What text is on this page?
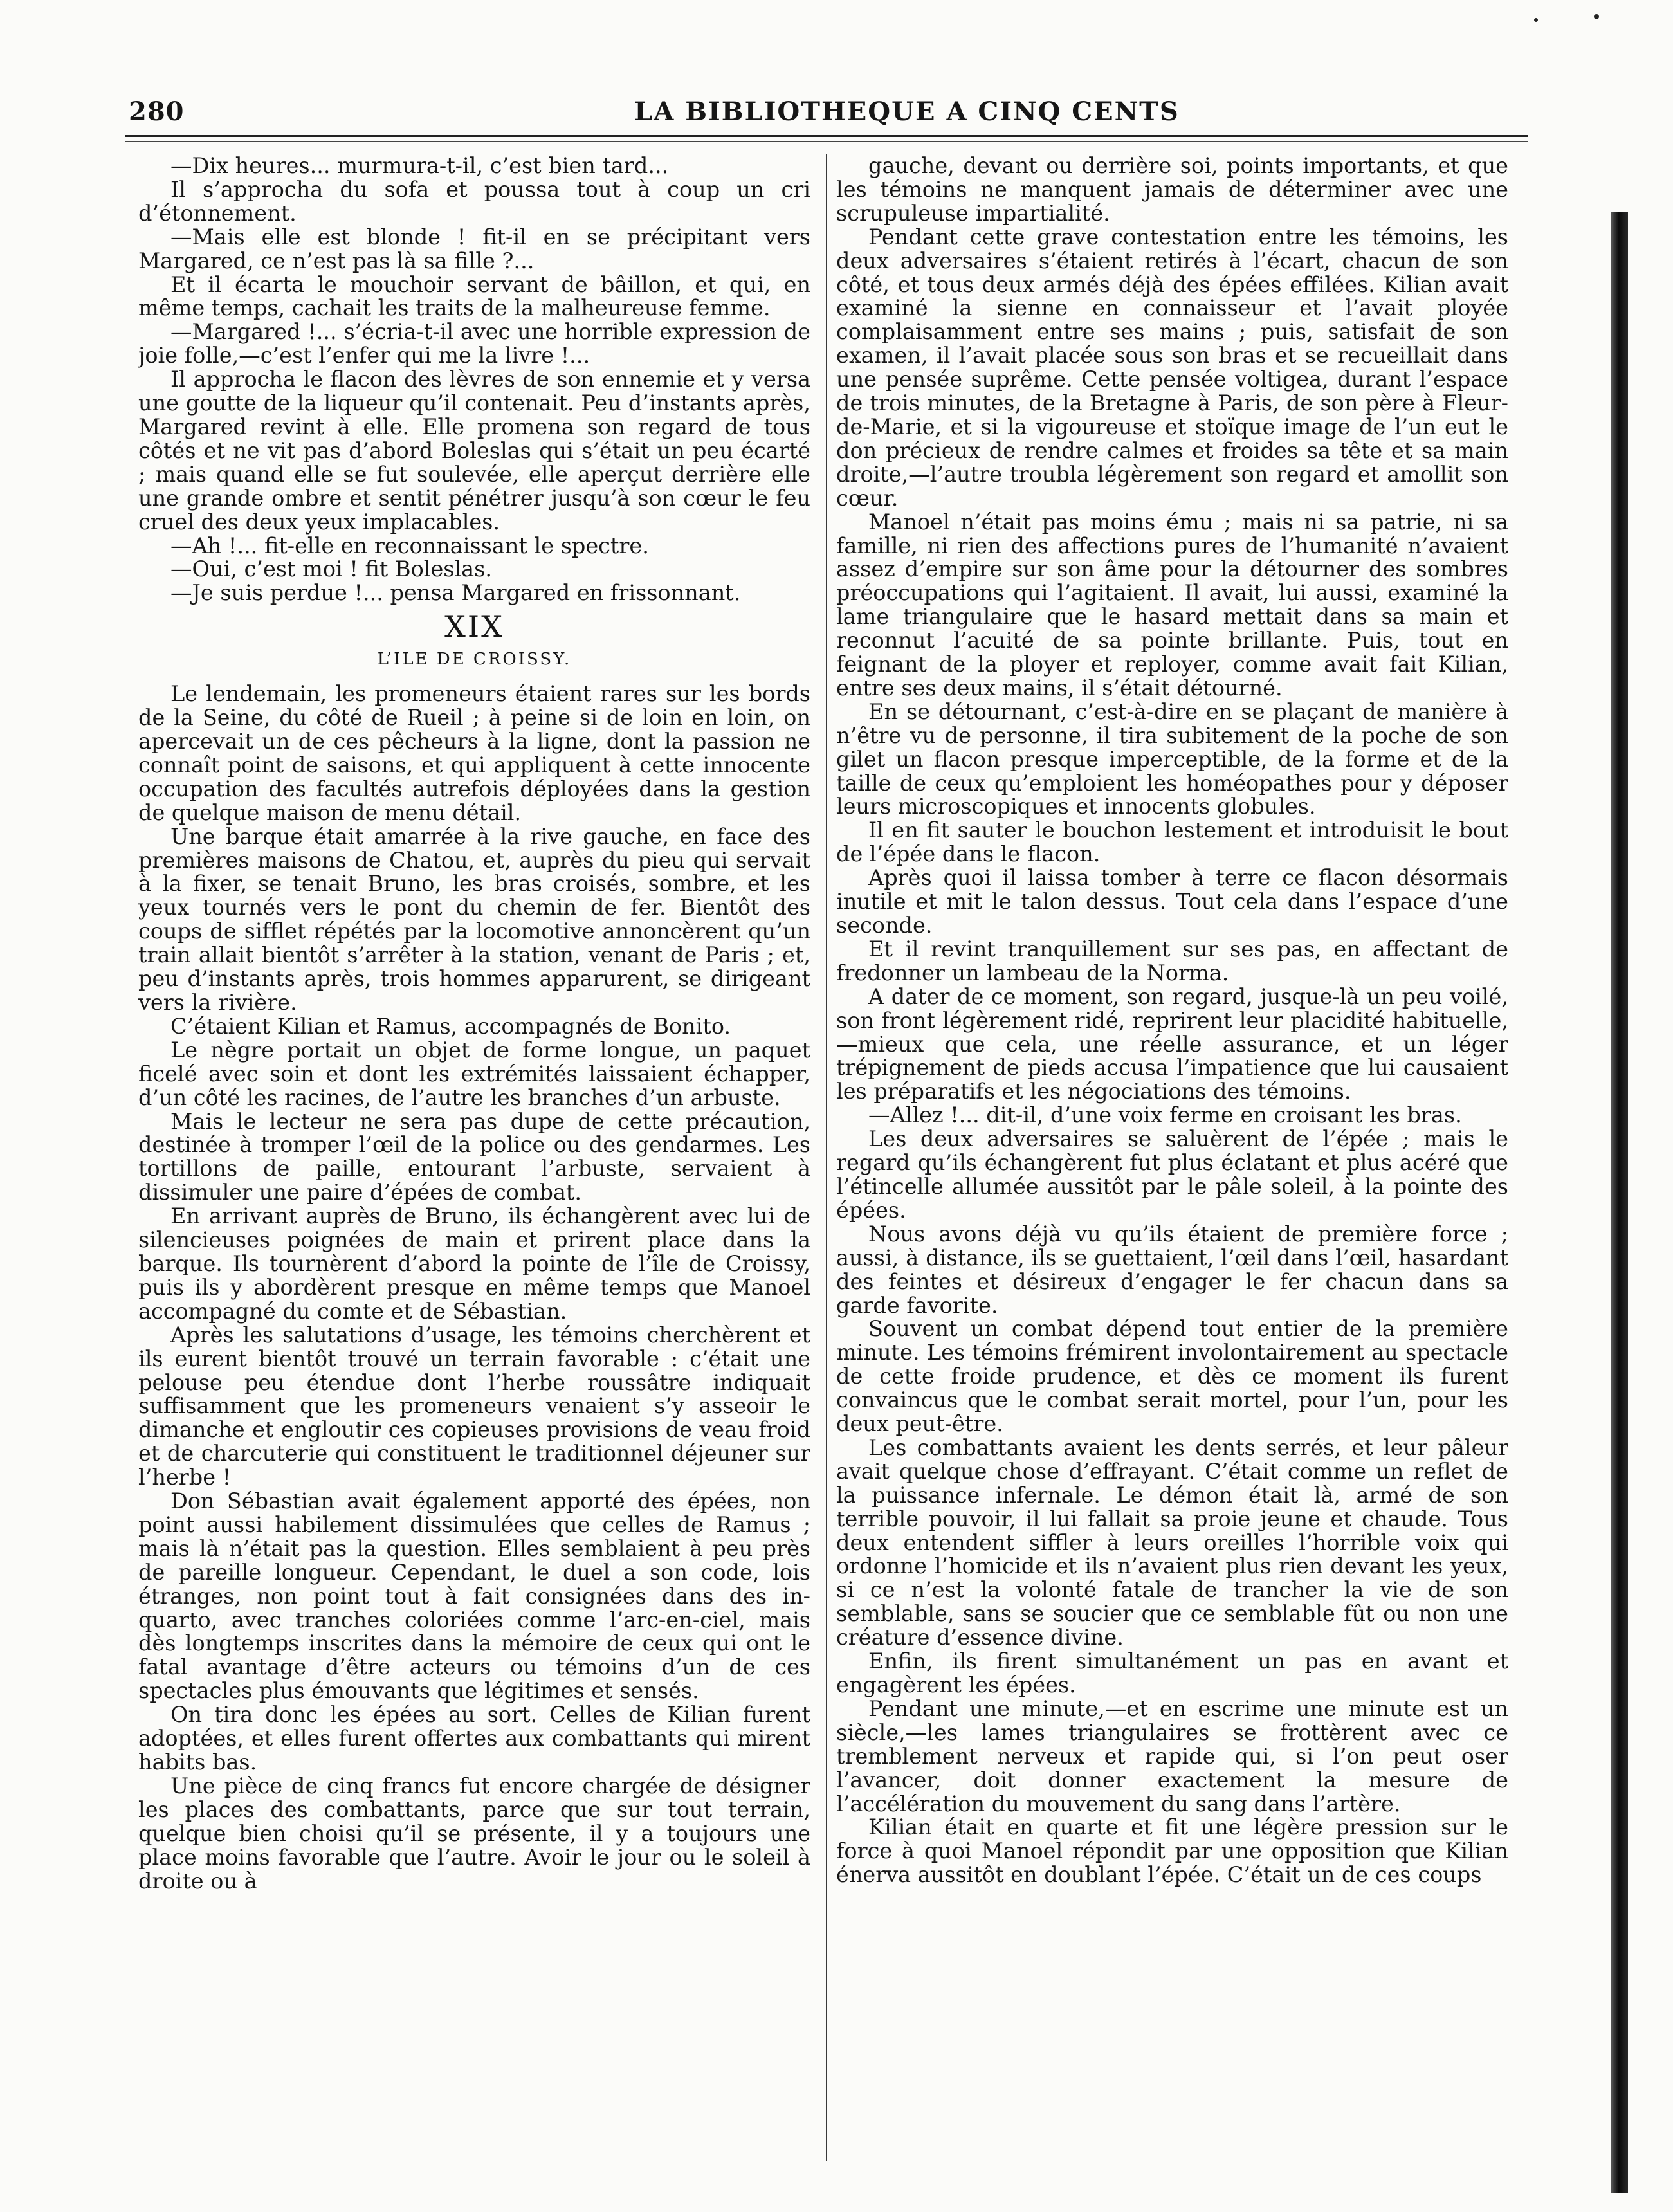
280	LA BIBLIOTHEQUE A CINQ CENTS

—Dix heures... murmura-t-il, c’est bien tard...

Il s’approcha du sofa et poussa tout à coup un cri d’étonnement.

—Mais elle est blonde ! fit-il en se précipitant vers Margared, ce n’est pas là sa fille ?...

Et il écarta le mouchoir servant de bâillon, et qui, en même temps, cachait les traits de la malheureuse femme.

—Margared !... s’écria-t-il avec une horrible expression de joie folle,—c’est l’enfer qui me la livre !...

Il approcha le flacon des lèvres de son ennemie et y versa une goutte de la liqueur qu’il contenait. Peu d’instants après, Margared revint à elle. Elle promena son regard de tous côtés et ne vit pas d’abord Boleslas qui s’était un peu écarté ; mais quand elle se fut soulevée, elle aperçut derrière elle une grande ombre et sentit pénétrer jusqu’à son cœur le feu cruel des deux yeux implacables.

—Ah !... fit-elle en reconnaissant le spectre.

—Oui, c’est moi ! fit Boleslas.

—Je suis perdue !... pensa Margared en frissonnant.

XIX
L’ILE DE CROISSY.

Le lendemain, les promeneurs étaient rares sur les bords de la Seine, du côté de Rueil ; à peine si de loin en loin, on apercevait un de ces pêcheurs à la ligne, dont la passion ne connaît point de saisons, et qui appliquent à cette innocente occupation des facultés autrefois déployées dans la gestion de quelque maison de menu détail.

Une barque était amarrée à la rive gauche, en face des premières maisons de Chatou, et, auprès du pieu qui servait à la fixer, se tenait Bruno, les bras croisés, sombre, et les yeux tournés vers le pont du chemin de fer. Bientôt des coups de sifflet répétés par la locomotive annoncèrent qu’un train allait bientôt s’arrêter à la station, venant de Paris ; et, peu d’instants après, trois hommes apparurent, se dirigeant vers la rivière.

C’étaient Kilian et Ramus, accompagnés de Bonito.

Le nègre portait un objet de forme longue, un paquet ficelé avec soin et dont les extrémités laissaient échapper, d’un côté les racines, de l’autre les branches d’un arbuste.

Mais le lecteur ne sera pas dupe de cette précaution, destinée à tromper l’œil de la police ou des gendarmes. Les tortillons de paille, entourant l’arbuste, servaient à dissimuler une paire d’épées de combat.

En arrivant auprès de Bruno, ils échangèrent avec lui de silencieuses poignées de main et prirent place dans la barque. Ils tournèrent d’abord la pointe de l’île de Croissy, puis ils y abordèrent presque en même temps que Manoel accompagné du comte et de Sébastian.

Après les salutations d’usage, les témoins cherchèrent et ils eurent bientôt trouvé un terrain favorable : c’était une pelouse peu étendue dont l’herbe roussâtre indiquait suffisamment que les promeneurs venaient s’y asseoir le dimanche et engloutir ces copieuses provisions de veau froid et de charcuterie qui constituent le traditionnel déjeuner sur l’herbe !

Don Sébastian avait également apporté des épées, non point aussi habilement dissimulées que celles de Ramus ; mais là n’était pas la question. Elles semblaient à peu près de pareille longueur. Cependant, le duel a son code, lois étranges, non point tout à fait consignées dans des in-quarto, avec tranches coloriées comme l’arc-en-ciel, mais dès longtemps inscrites dans la mémoire de ceux qui ont le fatal avantage d’être acteurs ou témoins d’un de ces spectacles plus émouvants que légitimes et sensés.

On tira donc les épées au sort. Celles de Kilian furent adoptées, et elles furent offertes aux combattants qui mirent habits bas.

Une pièce de cinq francs fut encore chargée de désigner les places des combattants, parce que sur tout terrain, quelque bien choisi qu’il se présente, il y a toujours une place moins favorable que l’autre. Avoir le jour ou le soleil à droite ou à

gauche, devant ou derrière soi, points importants, et que les témoins ne manquent jamais de déterminer avec une scrupuleuse impartialité.

Pendant cette grave contestation entre les témoins, les deux adversaires s’étaient retirés à l’écart, chacun de son côté, et tous deux armés déjà des épées effilées. Kilian avait examiné la sienne en connaisseur et l’avait ployée complaisamment entre ses mains ; puis, satisfait de son examen, il l’avait placée sous son bras et se recueillait dans une pensée suprême. Cette pensée voltigea, durant l’espace de trois minutes, de la Bretagne à Paris, de son père à Fleur-de-Marie, et si la vigoureuse et stoïque image de l’un eut le don précieux de rendre calmes et froides sa tête et sa main droite,—l’autre troubla légèrement son regard et amollit son cœur.

Manoel n’était pas moins ému ; mais ni sa patrie, ni sa famille, ni rien des affections pures de l’humanité n’avaient assez d’empire sur son âme pour la détourner des sombres préoccupations qui l’agitaient. Il avait, lui aussi, examiné la lame triangulaire que le hasard mettait dans sa main et reconnut l’acuité de sa pointe brillante. Puis, tout en feignant de la ployer et reployer, comme avait fait Kilian, entre ses deux mains, il s’était détourné.

En se détournant, c’est-à-dire en se plaçant de manière à n’être vu de personne, il tira subitement de la poche de son gilet un flacon presque imperceptible, de la forme et de la taille de ceux qu’emploient les homéopathes pour y déposer leurs microscopiques et innocents globules.

Il en fit sauter le bouchon lestement et introduisit le bout de l’épée dans le flacon.

Après quoi il laissa tomber à terre ce flacon désormais inutile et mit le talon dessus. Tout cela dans l’espace d’une seconde.

Et il revint tranquillement sur ses pas, en affectant de fredonner un lambeau de la Norma.

A dater de ce moment, son regard, jusque-là un peu voilé, son front légèrement ridé, reprirent leur placidité habituelle,—mieux que cela, une réelle assurance, et un léger trépignement de pieds accusa l’impatience que lui causaient les préparatifs et les négociations des témoins.

—Allez !... dit-il, d’une voix ferme en croisant les bras.

Les deux adversaires se saluèrent de l’épée ; mais le regard qu’ils échangèrent fut plus éclatant et plus acéré que l’étincelle allumée aussitôt par le pâle soleil, à la pointe des épées.

Nous avons déjà vu qu’ils étaient de première force ; aussi, à distance, ils se guettaient, l’œil dans l’œil, hasardant des feintes et désireux d’engager le fer chacun dans sa garde favorite.

Souvent un combat dépend tout entier de la première minute. Les témoins frémirent involontairement au spectacle de cette froide prudence, et dès ce moment ils furent convaincus que le combat serait mortel, pour l’un, pour les deux peut-être.

Les combattants avaient les dents serrés, et leur pâleur avait quelque chose d’effrayant. C’était comme un reflet de la puissance infernale. Le démon était là, armé de son terrible pouvoir, il lui fallait sa proie jeune et chaude. Tous deux entendent siffler à leurs oreilles l’horrible voix qui ordonne l’homicide et ils n’avaient plus rien devant les yeux, si ce n’est la volonté fatale de trancher la vie de son semblable, sans se soucier que ce semblable fût ou non une créature d’essence divine.

Enfin, ils firent simultanément un pas en avant et engagèrent les épées.

Pendant une minute,—et en escrime une minute est un siècle,—les lames triangulaires se frottèrent avec ce tremblement nerveux et rapide qui, si l’on peut oser l’avancer, doit donner exactement la mesure de l’accélération du mouvement du sang dans l’artère.

Kilian était en quarte et fit une légère pression sur le force à quoi Manoel répondit par une opposition que Kilian énerva aussitôt en doublant l’épée. C’était un de ces coups
